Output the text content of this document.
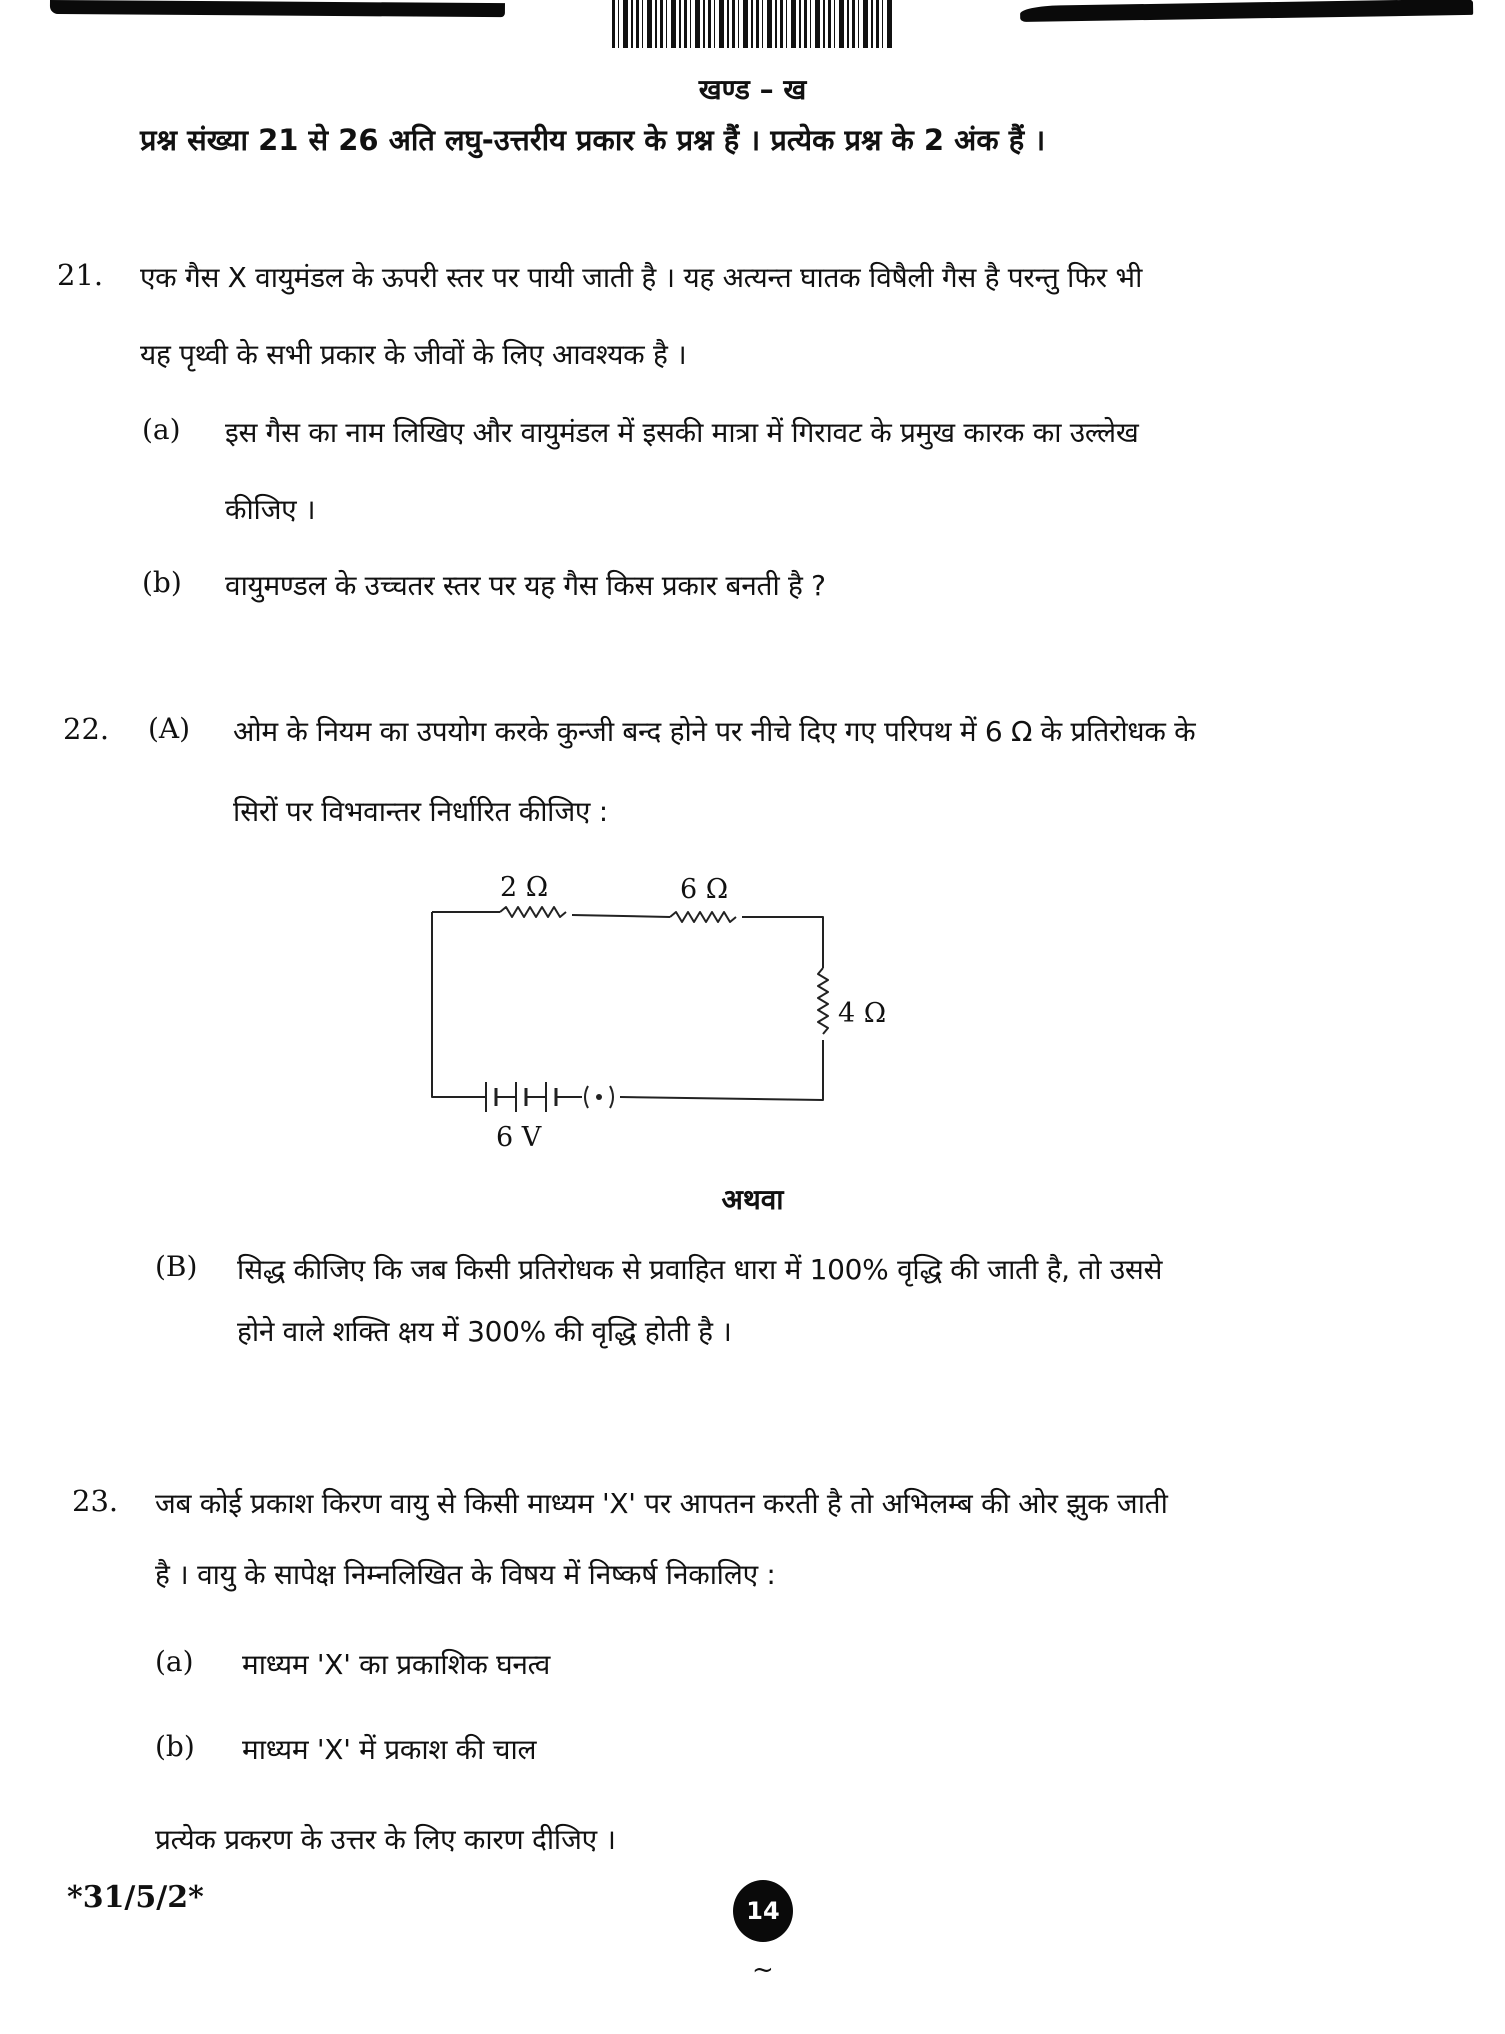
खण्ड – ख
प्रश्न संख्या 21 से 26 अति लघु-उत्तरीय प्रकार के प्रश्न हैं । प्रत्येक प्रश्न के 2 अंक हैं ।
21. एक गैस X वायुमंडल के ऊपरी स्तर पर पायी जाती है । यह अत्यन्त घातक विषैली गैस है परन्तु फिर भी
यह पृथ्वी के सभी प्रकार के जीवों के लिए आवश्यक है ।
(a) इस गैस का नाम लिखिए और वायुमंडल में इसकी मात्रा में गिरावट के प्रमुख कारक का उल्लेख
कीजिए ।
(b) वायुमण्डल के उच्चतर स्तर पर यह गैस किस प्रकार बनती है ?
22. (A) ओम के नियम का उपयोग करके कुन्जी बन्द होने पर नीचे दिए गए परिपथ में 6 Ω के प्रतिरोधक के
सिरों पर विभवान्तर निर्धारित कीजिए :
2 Ω	6 Ω
4 Ω
6 V
अथवा
(B) सिद्ध कीजिए कि जब किसी प्रतिरोधक से प्रवाहित धारा में 100% वृद्धि की जाती है, तो उससे
होने वाले शक्ति क्षय में 300% की वृद्धि होती है ।
23. जब कोई प्रकाश किरण वायु से किसी माध्यम 'X' पर आपतन करती है तो अभिलम्ब की ओर झुक जाती
है । वायु के सापेक्ष निम्नलिखित के विषय में निष्कर्ष निकालिए :
(a) माध्यम 'X' का प्रकाशिक घनत्व
(b) माध्यम 'X' में प्रकाश की चाल
प्रत्येक प्रकरण के उत्तर के लिए कारण दीजिए ।
*31/5/2*	14
~
